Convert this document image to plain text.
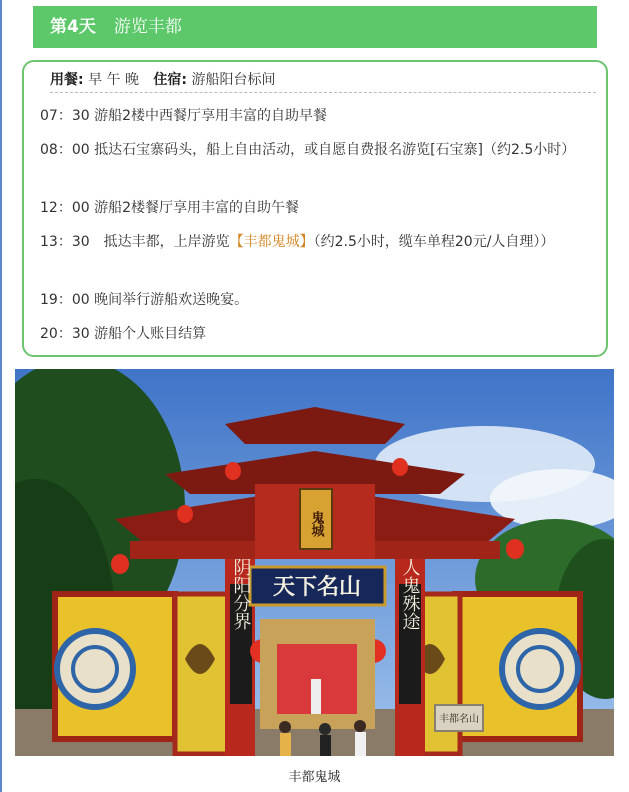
第4天 游览丰都
用餐: 早 午 晚 住宿: 游船阳台标间
07：30 游船2楼中西餐厅享用丰富的自助早餐
08：00 抵达石宝寨码头，船上自由活动，或自愿自费报名游览[石宝寨]（约2.5小时）
12：00 游船2楼餐厅享用丰富的自助午餐
13：30　抵达丰都，上岸游览【丰都鬼城】（约2.5小时，缆车单程20元/人自理））
19：00 晚间举行游船欢送晚宴。
20：30 游船个人账目结算
鬼城
天下名山
阴阳分界	人鬼殊途
丰都名山
丰都鬼城
